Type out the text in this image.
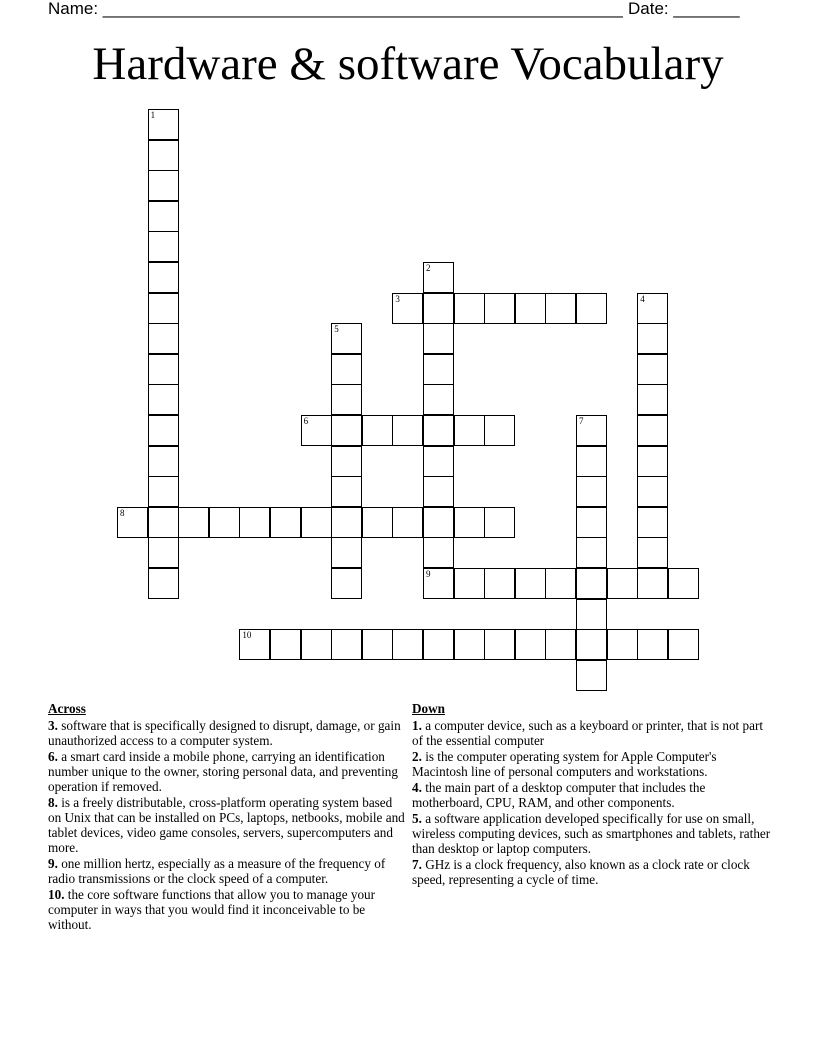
Name: _______________________________________________________ Date: _______
Hardware & software Vocabulary
1
2
3	4
5
6	7
8
9
10
Across
3. software that is specifically designed to disrupt, damage, or gain unauthorized access to a computer system.
6. a smart card inside a mobile phone, carrying an identification number unique to the owner, storing personal data, and preventing operation if removed.
8. is a freely distributable, cross-platform operating system based on Unix that can be installed on PCs, laptops, netbooks, mobile and tablet devices, video game consoles, servers, supercomputers and more.
9. one million hertz, especially as a measure of the frequency of radio transmissions or the clock speed of a computer.
10. the core software functions that allow you to manage your computer in ways that you would find it inconceivable to be without.
Down
1. a computer device, such as a keyboard or printer, that is not part of the essential computer
2. is the computer operating system for Apple Computer's Macintosh line of personal computers and workstations.
4. the main part of a desktop computer that includes the motherboard, CPU, RAM, and other components.
5. a software application developed specifically for use on small, wireless computing devices, such as smartphones and tablets, rather than desktop or laptop computers.
7. GHz is a clock frequency, also known as a clock rate or clock speed, representing a cycle of time.
